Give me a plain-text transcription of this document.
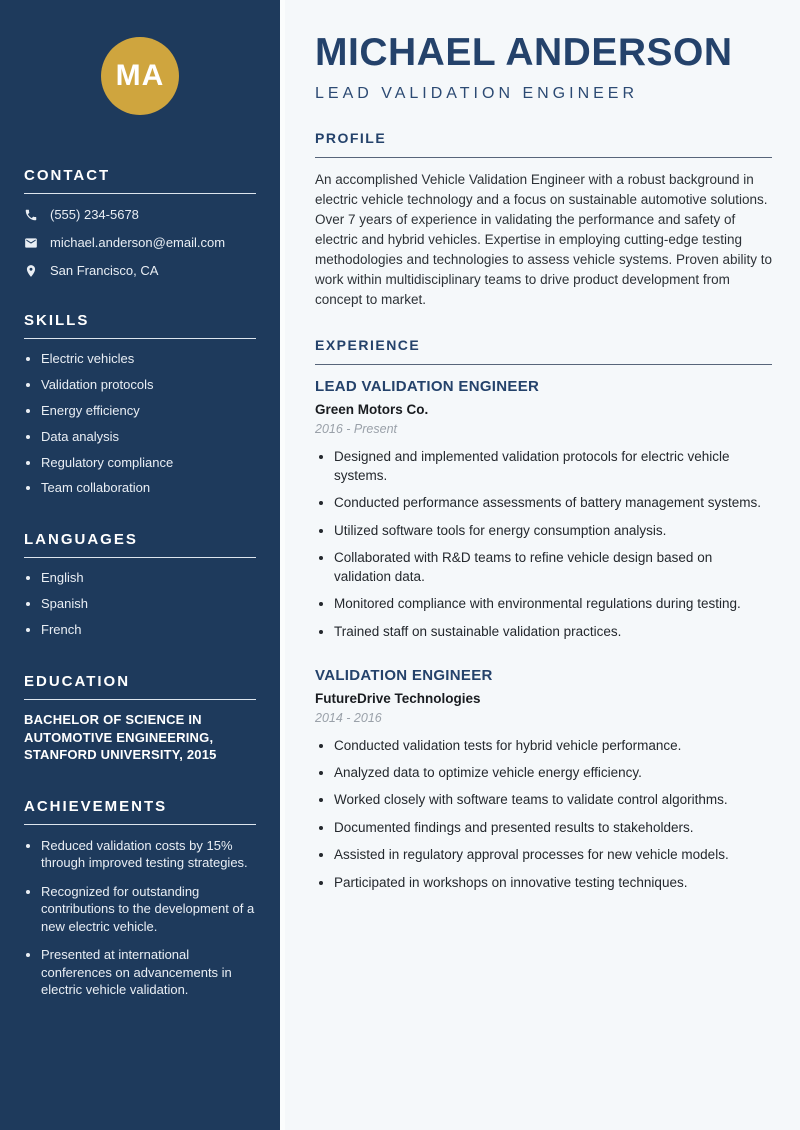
MA
CONTACT
(555) 234-5678
michael.anderson@email.com
San Francisco, CA
SKILLS
• Electric vehicles
• Validation protocols
• Energy efficiency
• Data analysis
• Regulatory compliance
• Team collaboration
LANGUAGES
• English
• Spanish
• French
EDUCATION

BACHELOR OF SCIENCE IN AUTOMOTIVE ENGINEERING, STANFORD UNIVERSITY, 2015

ACHIEVEMENTS
• Reduced validation costs by 15% through improved testing strategies.
• Recognized for outstanding contributions to the development of a new electric vehicle.
• Presented at international conferences on advancements in electric vehicle validation.
MICHAEL ANDERSON
LEAD VALIDATION ENGINEER
PROFILE

An accomplished Vehicle Validation Engineer with a robust background in electric vehicle technology and a focus on sustainable automotive solutions. Over 7 years of experience in validating the performance and safety of electric and hybrid vehicles. Expertise in employing cutting-edge testing methodologies and technologies to assess vehicle systems. Proven ability to work within multidisciplinary teams to drive product development from concept to market.

EXPERIENCE
LEAD VALIDATION ENGINEER
Green Motors Co.
2016 - Present
• Designed and implemented validation protocols for electric vehicle systems.
• Conducted performance assessments of battery management systems.
• Utilized software tools for energy consumption analysis.
• Collaborated with R&D teams to refine vehicle design based on validation data.
• Monitored compliance with environmental regulations during testing.
• Trained staff on sustainable validation practices.
VALIDATION ENGINEER
FutureDrive Technologies
2014 - 2016
• Conducted validation tests for hybrid vehicle performance.
• Analyzed data to optimize vehicle energy efficiency.
• Worked closely with software teams to validate control algorithms.
• Documented findings and presented results to stakeholders.
• Assisted in regulatory approval processes for new vehicle models.
• Participated in workshops on innovative testing techniques.
